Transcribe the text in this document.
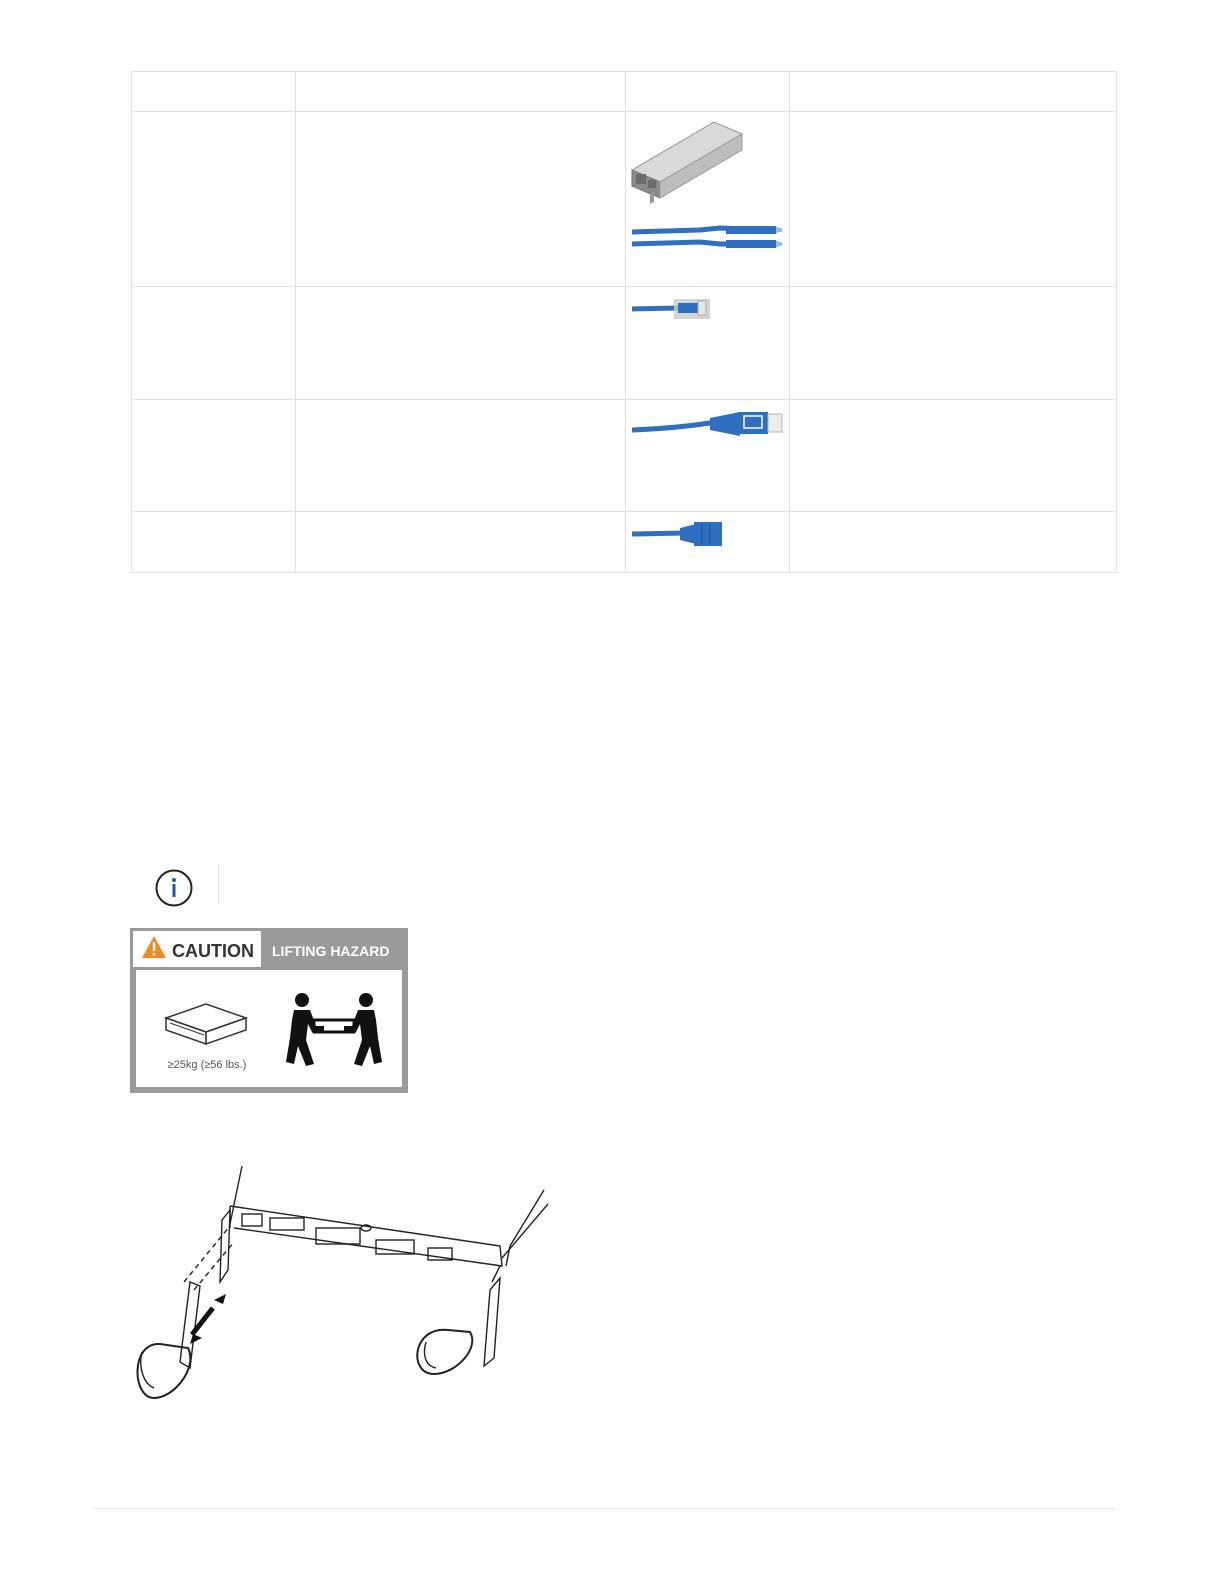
CAUTION LIFTING HAZARD
≥25kg (≥56 lbs.)
